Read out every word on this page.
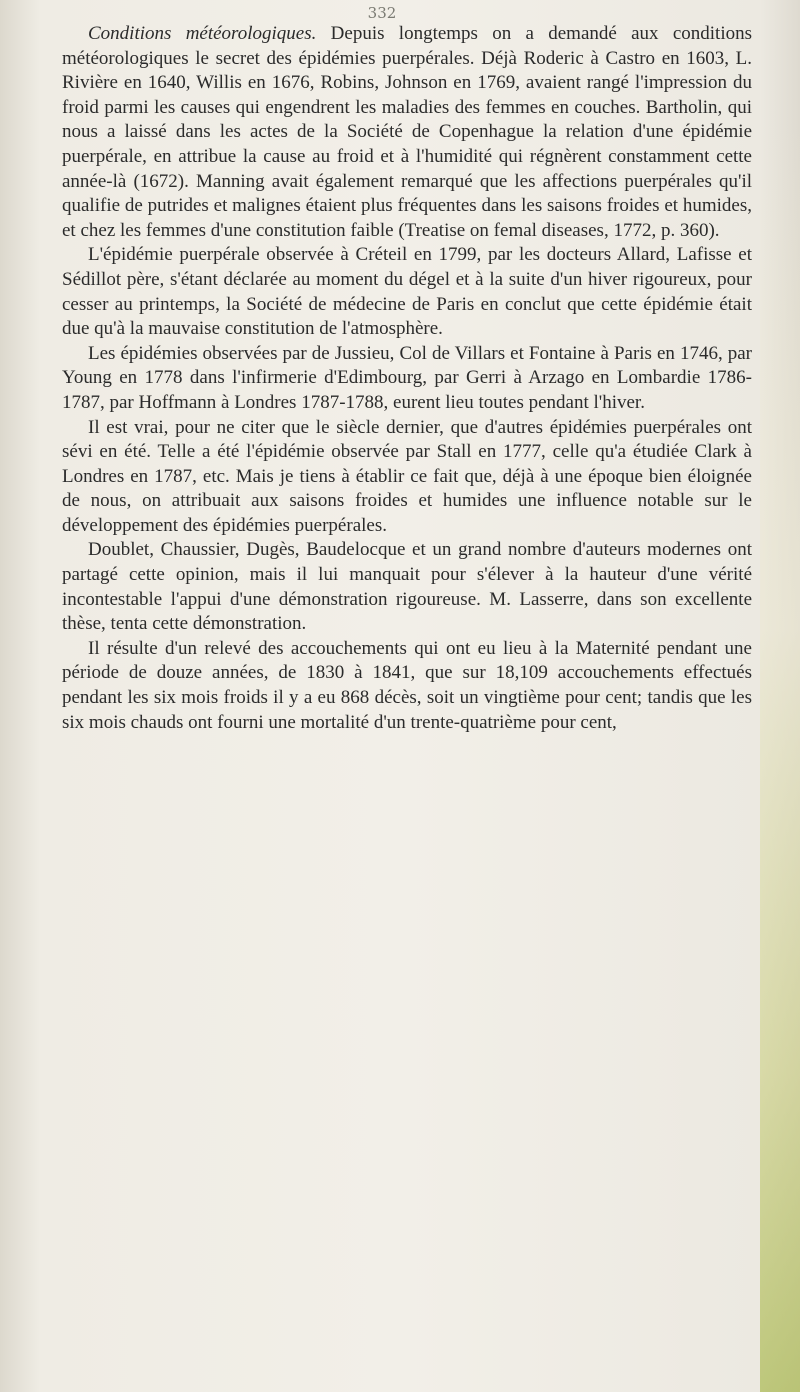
332

Conditions météorologiques. Depuis longtemps on a demandé aux conditions météorologiques le secret des épidémies puerpérales. Déjà Roderic à Castro en 1603, L. Rivière en 1640, Willis en 1676, Robins, Johnson en 1769, avaient rangé l'impression du froid parmi les causes qui engendrent les maladies des femmes en couches. Bartholin, qui nous a laissé dans les actes de la Société de Copenhague la relation d'une épidémie puerpérale, en attribue la cause au froid et à l'humidité qui régnèrent constamment cette année-là (1672). Manning avait également remarqué que les affections puerpérales qu'il qualifie de putrides et malignes étaient plus fréquentes dans les saisons froides et humides, et chez les femmes d'une constitution faible (Treatise on femal diseases, 1772, p. 360).

L'épidémie puerpérale observée à Créteil en 1799, par les docteurs Allard, Lafisse et Sédillot père, s'étant déclarée au moment du dégel et à la suite d'un hiver rigoureux, pour cesser au printemps, la Société de médecine de Paris en conclut que cette épidémie était due qu'à la mauvaise constitution de l'atmosphère.

Les épidémies observées par de Jussieu, Col de Villars et Fontaine à Paris en 1746, par Young en 1778 dans l'infirmerie d'Edimbourg, par Gerri à Arzago en Lombardie 1786-1787, par Hoffmann à Londres 1787-1788, eurent lieu toutes pendant l'hiver.

Il est vrai, pour ne citer que le siècle dernier, que d'autres épidémies puerpérales ont sévi en été. Telle a été l'épidémie observée par Stall en 1777, celle qu'a étudiée Clark à Londres en 1787, etc. Mais je tiens à établir ce fait que, déjà à une époque bien éloignée de nous, on attribuait aux saisons froides et humides une influence notable sur le développement des épidémies puerpérales.

Doublet, Chaussier, Dugès, Baudelocque et un grand nombre d'auteurs modernes ont partagé cette opinion, mais il lui manquait pour s'élever à la hauteur d'une vérité incontestable l'appui d'une démonstration rigoureuse. M. Lasserre, dans son excellente thèse, tenta cette démonstration.

Il résulte d'un relevé des accouchements qui ont eu lieu à la Maternité pendant une période de douze années, de 1830 à 1841, que sur 18,109 accouchements effectués pendant les six mois froids il y a eu 868 décès, soit un vingtième pour cent; tandis que les six mois chauds ont fourni une mortalité d'un trente-quatrième pour cent,
